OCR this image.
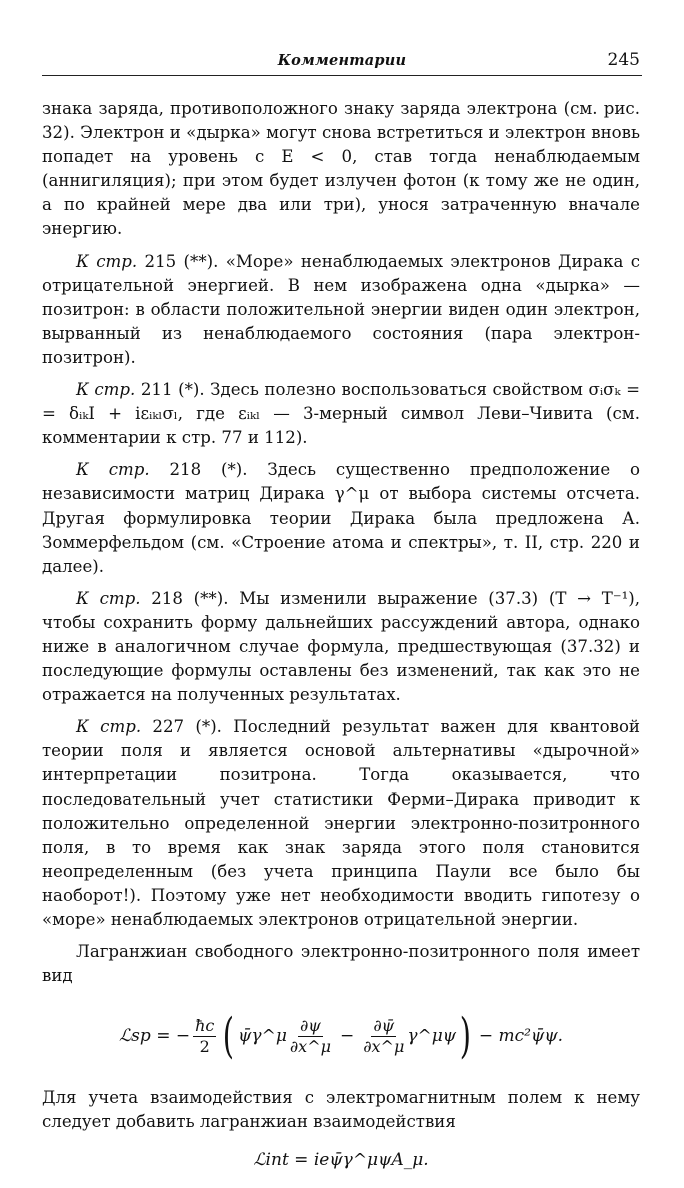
Комментарии	245

знака заряда, противоположного знаку заряда электрона (см. рис. 32). Электрон и «дырка» могут снова встретиться и электрон вновь попадет на уровень с E < 0, став тогда ненаблюдаемым (аннигиляция); при этом будет излучен фотон (к тому же не один, а по крайней мере два или три), унося затраченную вначале энергию.

К стр. 215 (**). «Море» ненаблюдаемых электронов Дирака с отрицательной энергией. В нем изображена одна «дырка» — позитрон: в области положительной энергии виден один электрон, вырванный из ненаблюдаемого состояния (пара электрон-позитрон).

К стр. 211 (*). Здесь полезно воспользоваться свойством σᵢσₖ = = δᵢₖI + iεᵢₖₗσₗ, где εᵢₖₗ — 3-мерный символ Леви–Чивита (см. комментарии к стр. 77 и 112).

К стр. 218 (*). Здесь существенно предположение о независимости матриц Дирака γ^μ от выбора системы отсчета. Другая формулировка теории Дирака была предложена А. Зоммерфельдом (см. «Строение атома и спектры», т. II, стр. 220 и далее).

К стр. 218 (**). Мы изменили выражение (37.3) (T → T⁻¹), чтобы сохранить форму дальнейших рассуждений автора, однако ниже в аналогичном случае формула, предшествующая (37.32) и последующие формулы оставлены без изменений, так как это не отражается на полученных результатах.

К стр. 227 (*). Последний результат важен для квантовой теории поля и является основой альтернативы «дырочной» интерпретации позитрона. Тогда оказывается, что последовательный учет статистики Ферми–Дирака приводит к положительно определенной энергии электронно-позитронного поля, в то время как знак заряда этого поля становится неопределенным (без учета принципа Паули все было бы наоборот!). Поэтому уже нет необходимости вводить гипотезу о «море» ненаблюдаемых электронов отрицательной энергии.

Лагранжиан свободного электронно-позитронного поля имеет вид

ℒsp = − $\frac{ħc}{2}$ ( ψ̄γ^μ $\frac{\partial\psi}{\partial x\^{}\mu} - \frac{\partial\psī}{\partial x\^{}\mu}$ γ^μψ ) − mc²ψ̄ψ.

Для учета взаимодействия с электромагнитным полем к нему следует добавить лагранжиан взаимодействия

ℒint = ieψ̄γ^μψA_μ.
